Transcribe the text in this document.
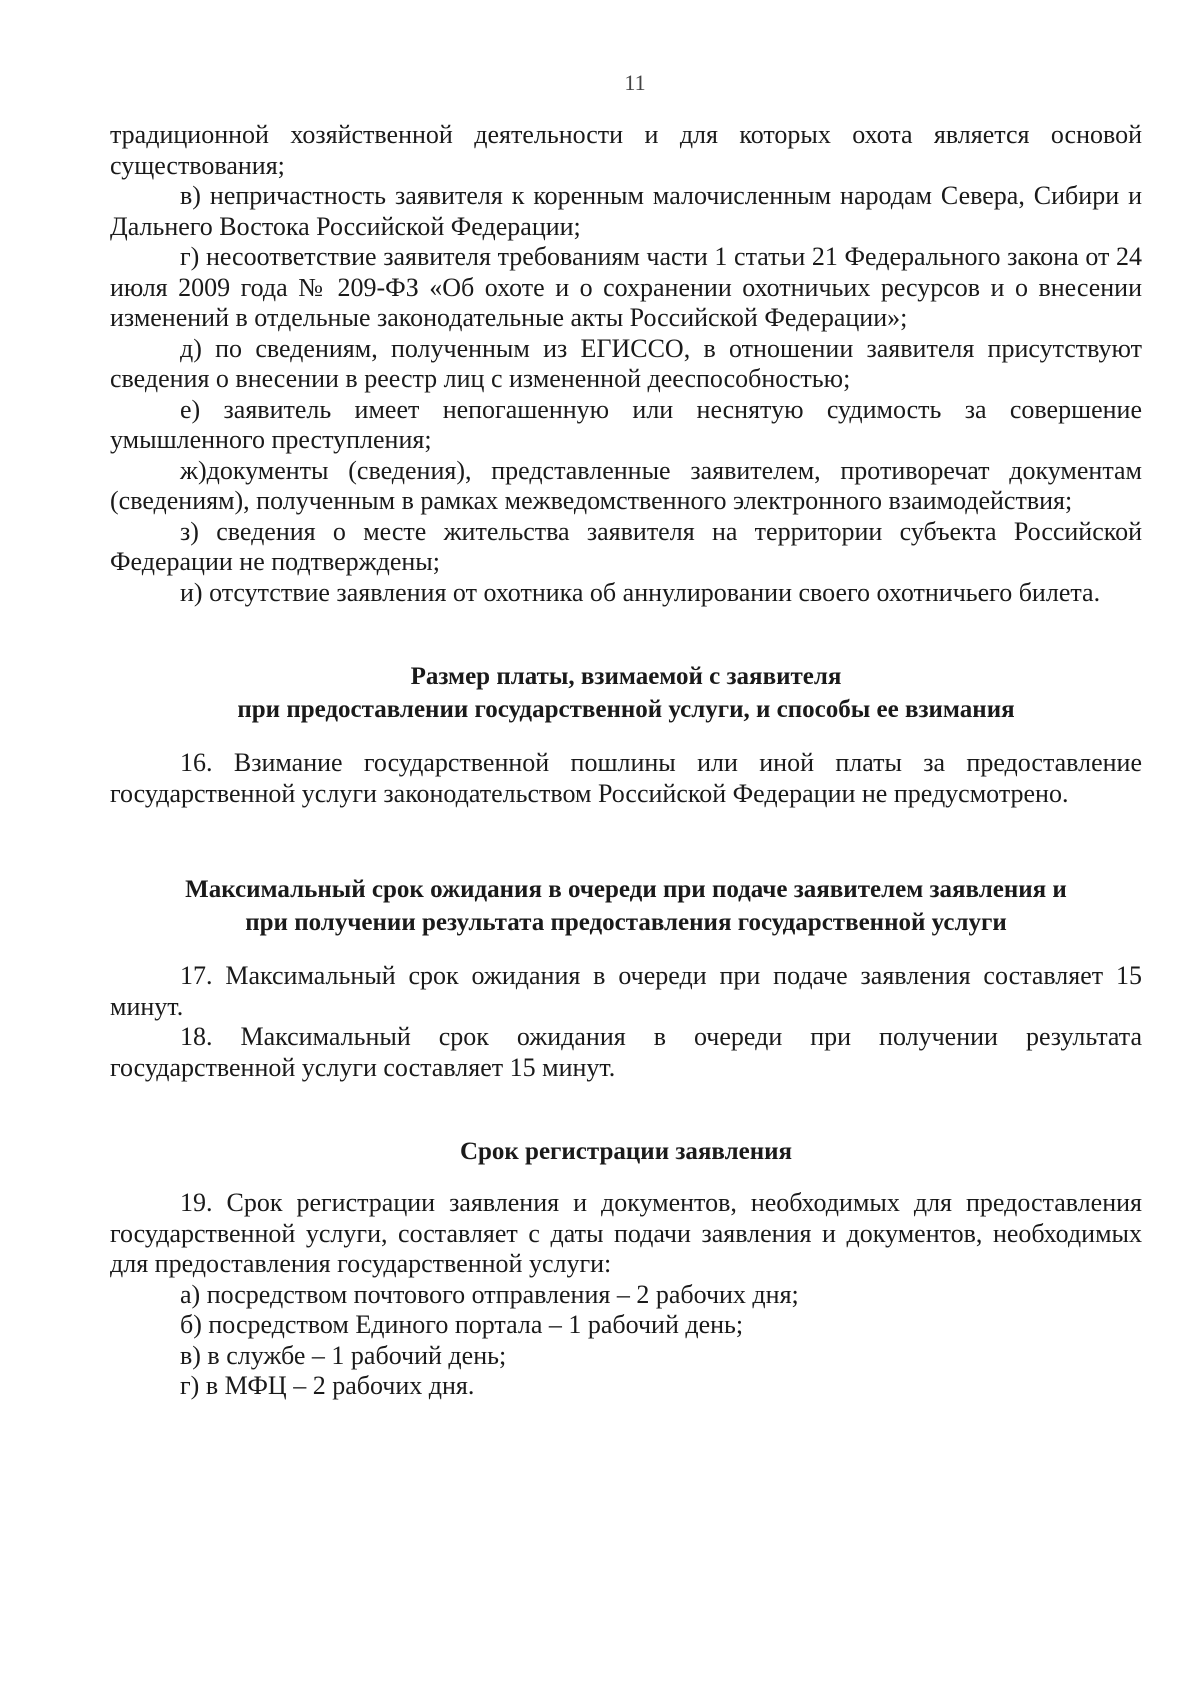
11

традиционной хозяйственной деятельности и для которых охота является основой существования;

в) непричастность заявителя к коренным малочисленным народам Севера, Сибири и Дальнего Востока Российской Федерации;

г) несоответствие заявителя требованиям части 1 статьи 21 Федерального закона от 24 июля 2009 года № 209-ФЗ «Об охоте и о сохранении охотничьих ресурсов и о внесении изменений в отдельные законодательные акты Российской Федерации»;

д) по сведениям, полученным из ЕГИССО, в отношении заявителя присутствуют сведения о внесении в реестр лиц с измененной дееспособностью;

е) заявитель имеет непогашенную или неснятую судимость за совершение умышленного преступления;

ж)документы (сведения), представленные заявителем, противоречат документам (сведениям), полученным в рамках межведомственного электронного взаимодействия;

з) сведения о месте жительства заявителя на территории субъекта Российской Федерации не подтверждены;

и) отсутствие заявления от охотника об аннулировании своего охотничьего билета.

Размер платы, взимаемой с заявителя

при предоставлении государственной услуги, и способы ее взимания

16. Взимание государственной пошлины или иной платы за предоставление государственной услуги законодательством Российской Федерации не предусмотрено.

Максимальный срок ожидания в очереди при подаче заявителем заявления и

при получении результата предоставления государственной услуги

17. Максимальный срок ожидания в очереди при подаче заявления составляет 15 минут.

18. Максимальный срок ожидания в очереди при получении результата государственной услуги составляет 15 минут.

Срок регистрации заявления

19. Срок регистрации заявления и документов, необходимых для предоставления государственной услуги, составляет с даты подачи заявления и документов, необходимых для предоставления государственной услуги:

а) посредством почтового отправления – 2 рабочих дня;

б) посредством Единого портала – 1 рабочий день;

в) в службе – 1 рабочий день;

г) в МФЦ – 2 рабочих дня.
